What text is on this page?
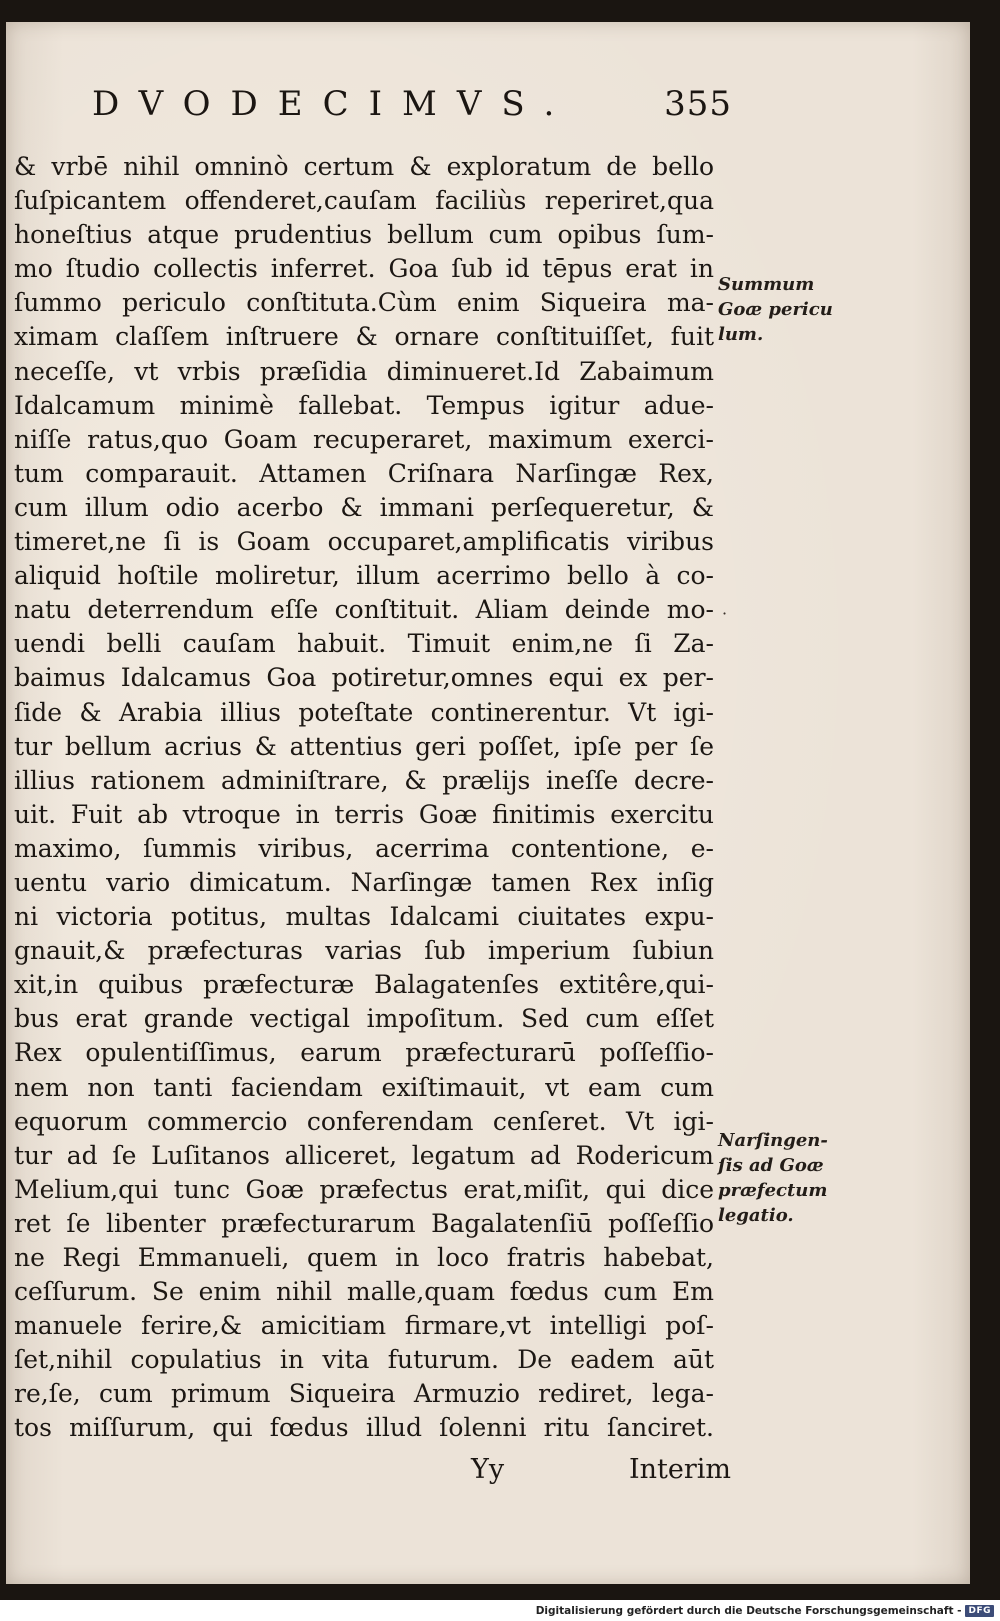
DVODECIMVS.	355
& vrbē nihil omninò certum & exploratum de bello
ſuſpicantem offenderet,cauſam faciliùs reperiret,qua
honeſtius atque prudentius bellum cum opibus ſum-
mo ſtudio collectis inferret. Goa ſub id tēpus erat in
ſummo periculo conſtituta.Cùm enim Siqueira ma-
ximam claſſem inſtruere & ornare conſtituiſſet, fuit
neceſſe, vt vrbis præſidia diminueret.Id Zabaimum
Idalcamum minimè fallebat. Tempus igitur adue-
niſſe ratus,quo Goam recuperaret, maximum exerci-
tum comparauit. Attamen Criſnara Narſingæ Rex,
cum illum odio acerbo & immani perſequeretur, &
timeret,ne ſi is Goam occuparet,amplificatis viribus
aliquid hoſtile moliretur, illum acerrimo bello à co-
natu deterrendum eſſe conſtituit. Aliam deinde mo-
uendi belli cauſam habuit. Timuit enim,ne ſi Za-
baimus Idalcamus Goa potiretur,omnes equi ex per-
ſide & Arabia illius poteſtate continerentur. Vt igi-
tur bellum acrius & attentius geri poſſet, ipſe per ſe
illius rationem adminiſtrare, & prælijs ineſſe decre-
uit. Fuit ab vtroque in terris Goæ finitimis exercitu
maximo, ſummis viribus, acerrima contentione, e-
uentu vario dimicatum. Narſingæ tamen Rex inſig
ni victoria potitus, multas Idalcami ciuitates expu-
gnauit,& præfecturas varias ſub imperium ſubiun
xit,in quibus præfecturæ Balagatenſes extitêre,qui-
bus erat grande vectigal impoſitum. Sed cum eſſet
Rex opulentiſſimus, earum præfecturarū poſſeſſio-
nem non tanti faciendam exiſtimauit, vt eam cum
equorum commercio conferendam cenſeret. Vt igi-
tur ad ſe Luſitanos alliceret, legatum ad Rodericum
Melium,qui tunc Goæ præfectus erat,miſit, qui dice
ret ſe libenter præfecturarum Bagalatenſiū poſſeſſio
ne Regi Emmanueli, quem in loco fratris habebat,
ceſſurum. Se enim nihil malle,quam fœdus cum Em
manuele ferire,& amicitiam firmare,vt intelligi poſ-
ſet,nihil copulatius in vita futurum. De eadem aūt
re,ſe, cum primum Siqueira Armuzio rediret, lega-
tos miſſurum, qui fœdus illud ſolenni ritu ſanciret.
Summum
Goæ pericu
lum.
Narſingen-
ſis ad Goæ
præfectum
legatio.
·
Yy	Interim
Digitalisierung gefördert durch die Deutsche Forschungsgemeinschaft - DFG
